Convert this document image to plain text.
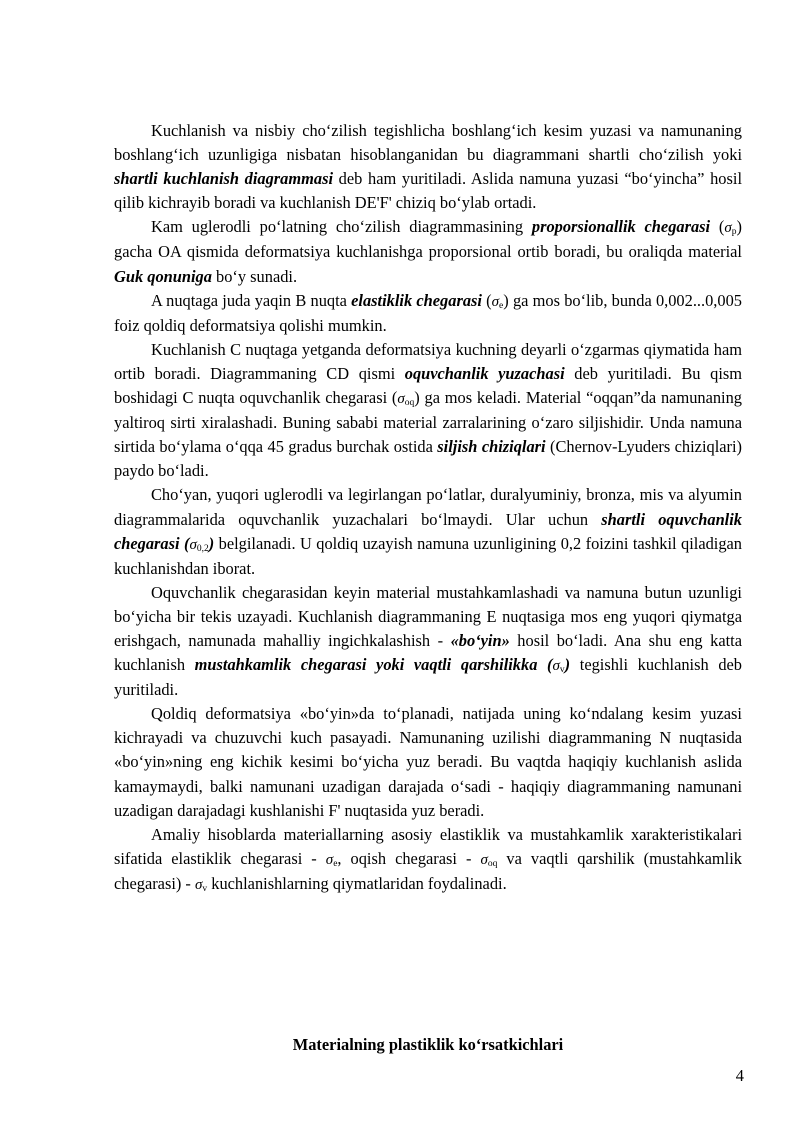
Kuchlanish va nisbiy cho‘zilish tegishlicha boshlang‘ich kesim yuzasi va namunaning boshlang‘ich uzunligiga nisbatan hisoblanganidan bu diagrammani shartli cho‘zilish yoki shartli kuchlanish diagrammasi deb ham yuritiladi. Aslida namuna yuzasi “bo‘yincha” hosil qilib kichrayib boradi va kuchlanish DE'F' chiziq bo‘ylab ortadi.

Kam uglerodli po‘latning cho‘zilish diagrammasining proporsionallik chegarasi $(\sigma_p)$ gacha OA qismida deformatsiya kuchlanishga proporsional ortib boradi, bu oraliqda material Guk qonuniga bo‘y sunadi.

A nuqtaga juda yaqin B nuqta elastiklik chegarasi $(\sigma_e)$ ga mos bo‘lib, bunda 0,002...0,005 foiz qoldiq deformatsiya qolishi mumkin.

Kuchlanish C nuqtaga yetganda deformatsiya kuchning deyarli o‘zgarmas qiymatida ham ortib boradi. Diagrammaning CD qismi oquvchanlik yuzachasi deb yuritiladi. Bu qism boshidagi C nuqta oquvchanlik chegarasi $(\sigma_{oq})$ ga mos keladi. Material “oqqan”da namunaning yaltiroq sirti xiralashadi. Buning sababi material zarralarining o‘zaro siljishidir. Unda namuna sirtida bo‘ylama o‘qqa 45 gradus burchak ostida siljish chiziqlari (Chernov-Lyuders chiziqlari) paydo bo‘ladi.

Cho‘yan, yuqori uglerodli va legirlangan po‘latlar, duralyuminiy, bronza, mis va alyumin diagrammalarida oquvchanlik yuzachalari bo‘lmaydi. Ular uchun shartli oquvchanlik chegarasi $(\sigma_{0,2})$ belgilanadi. U qoldiq uzayish namuna uzunligining 0,2 foizini tashkil qiladigan kuchlanishdan iborat.

Oquvchanlik chegarasidan keyin material mustahkamlashadi va namuna butun uzunligi bo‘yicha bir tekis uzayadi. Kuchlanish diagrammaning E nuqtasiga mos eng yuqori qiymatga erishgach, namunada mahalliy ingichkalashish - «bo‘yin» hosil bo‘ladi. Ana shu eng katta kuchlanish mustahkamlik chegarasi yoki vaqtli qarshilikka $(\sigma_v)$ tegishli kuchlanish deb yuritiladi.

Qoldiq deformatsiya «bo‘yin»da to‘planadi, natijada uning ko‘ndalang kesim yuzasi kichrayadi va chuzuvchi kuch pasayadi. Namunaning uzilishi diagrammaning N nuqtasida «bo‘yin»ning eng kichik kesimi bo‘yicha yuz beradi. Bu vaqtda haqiqiy kuchlanish aslida kamaymaydi, balki namunani uzadigan darajada o‘sadi - haqiqiy diagrammaning namunani uzadigan darajadagi kushlanishi F' nuqtasida yuz beradi.

Amaliy hisoblarda materiallarning asosiy elastiklik va mustahkamlik xarakteristikalari sifatida elastiklik chegarasi - $\sigma_e$, oqish chegarasi - $\sigma_{oq}$ va vaqtli qarshilik (mustahkamlik chegarasi) - $\sigma_v$ kuchlanishlarning qiymatlaridan foydalinadi.

Materialning plastiklik ko‘rsatkichlari

4
